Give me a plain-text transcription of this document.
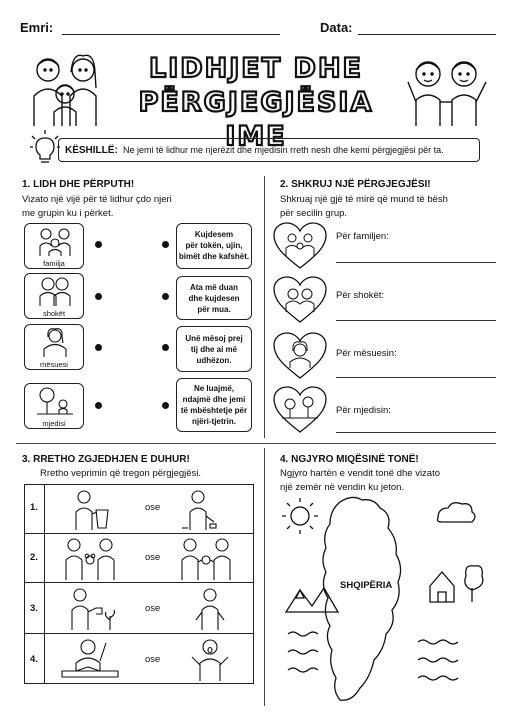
Emri:	Data:
LIDHJET DHE
PËRGJEGJËSIA IME
KËSHILLË: Ne jemi të lidhur me njerëzit dhe mjedisin rreth nesh dhe kemi përgjegjësi për ta.
1. LIDH DHE PËRPUTH!
Vizato një vijë për të lidhur çdo njeri
me grupin ku i përket.
familja
shokët
mësuesi
mjedisi
Kujdesem
për tokën, ujin,
bimët dhe kafshët.
Ata më duan
dhe kujdesen
për mua.
Unë mësoj prej
tij dhe ai më
udhëzon.
Ne luajmë,
ndajmë dhe jemi
të mbështetje për
njëri-tjetrin.
2. SHKRUJ NJË PËRGJEGJËSI!
Shkruaj një gjë të mirë që mund të bësh
për secilin grup.
Për familjen:
Për shokët:
Për mësuesin:
Për mjedisin:
3. RRETHO ZGJEDHJEN E DUHUR!
Rretho veprimin që tregon përgjegjësi.
1.	ose
2.	ose
3.	ose
4.	ose
4. NGJYRO MIQËSINË TONË!
Ngjyro hartën e vendit tonë dhe vizato
një zemër në vendin ku jeton.
SHQIPËRIA
